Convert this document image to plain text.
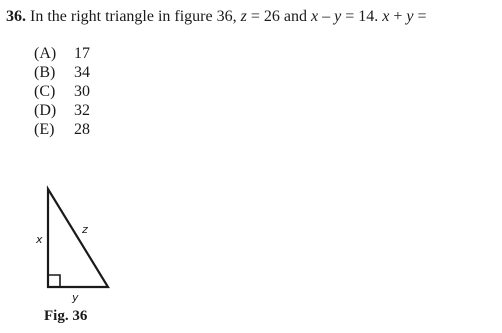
36. In the right triangle in figure 36, z = 26 and x – y = 14. x + y =
(A) 17
(B) 34
(C) 30
(D) 32
(E) 28
x
z
y
Fig. 36
